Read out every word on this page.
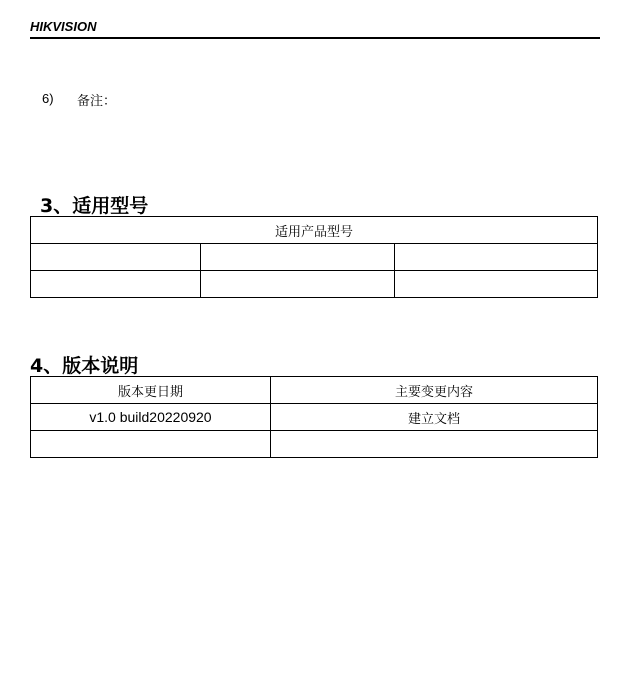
HIKVISION
6) 备注：
3、适用型号
适用产品型号		

4、版本说明
版本更日期	主要变更内容
v1.0 build20220920	建立文档
